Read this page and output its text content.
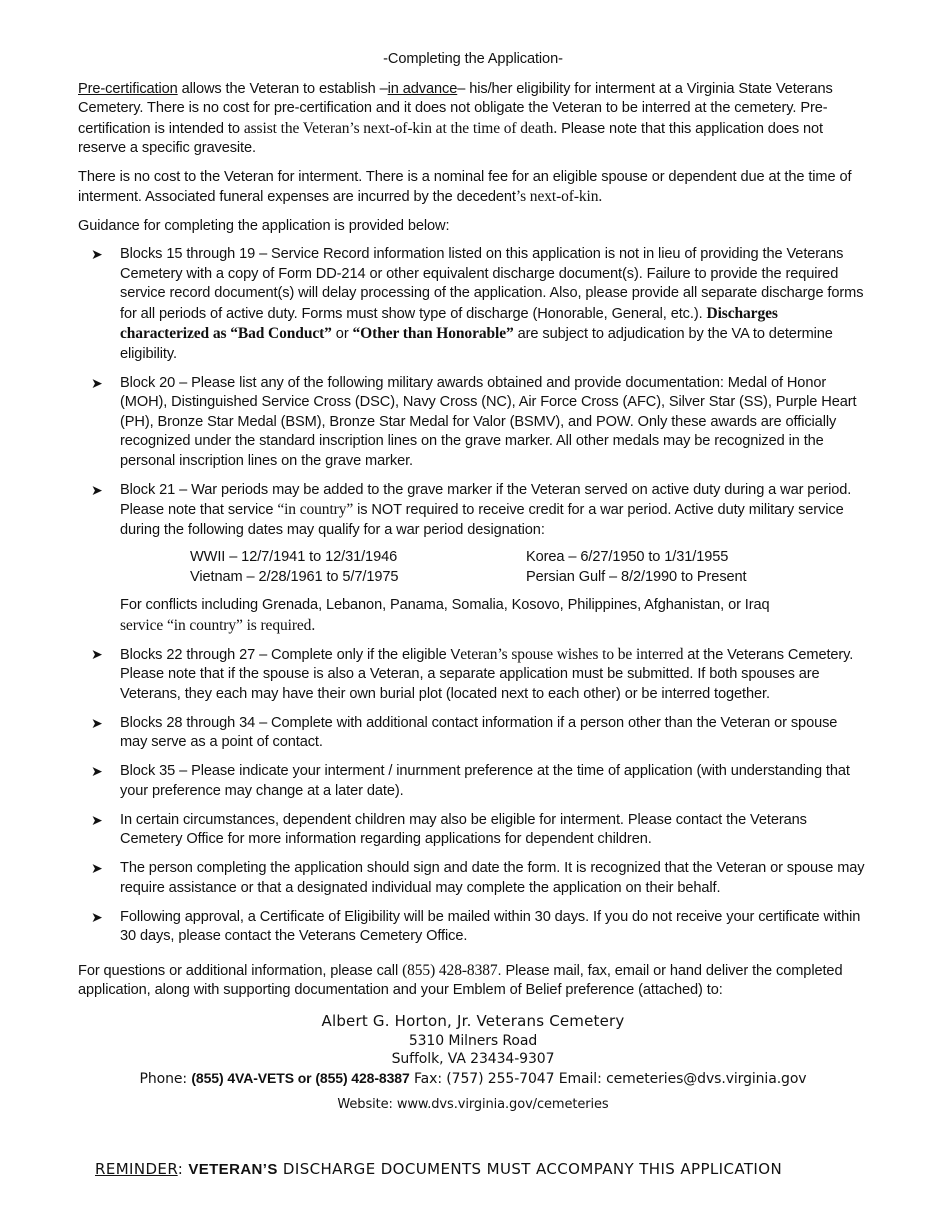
-Completing the Application-

Pre-certification allows the Veteran to establish –in advance– his/her eligibility for interment at a Virginia State Veterans Cemetery. There is no cost for pre-certification and it does not obligate the Veteran to be interred at the cemetery. Pre-certification is intended to assist the Veteran’s next-of-kin at the time of death. Please note that this application does not reserve a specific gravesite.

There is no cost to the Veteran for interment. There is a nominal fee for an eligible spouse or dependent due at the time of interment. Associated funeral expenses are incurred by the decedent’s next-of-kin.

Guidance for completing the application is provided below:

➤ Blocks 15 through 19 – Service Record information listed on this application is not in lieu of providing the Veterans Cemetery with a copy of Form DD-214 or other equivalent discharge document(s). Failure to provide the required service record document(s) will delay processing of the application. Also, please provide all separate discharge forms for all periods of active duty. Forms must show type of discharge (Honorable, General, etc.). Discharges characterized as “Bad Conduct” or “Other than Honorable” are subject to adjudication by the VA to determine eligibility.
➤ Block 20 – Please list any of the following military awards obtained and provide documentation: Medal of Honor (MOH), Distinguished Service Cross (DSC), Navy Cross (NC), Air Force Cross (AFC), Silver Star (SS), Purple Heart (PH), Bronze Star Medal (BSM), Bronze Star Medal for Valor (BSMV), and POW. Only these awards are officially recognized under the standard inscription lines on the grave marker. All other medals may be recognized in the personal inscription lines on the grave marker.
➤ Block 21 – War periods may be added to the grave marker if the Veteran served on active duty during a war period. Please note that service “in country” is NOT required to receive credit for a war period. Active duty military service during the following dates may qualify for a war period designation:
WWII – 12/7/1941 to 12/31/1946	Korea – 6/27/1950 to 1/31/1955
Vietnam – 2/28/1961 to 5/7/1975	Persian Gulf – 8/2/1990 to Present
For conflicts including Grenada, Lebanon, Panama, Somalia, Kosovo, Philippines, Afghanistan, or Iraq
service “in country” is required.
➤ Blocks 22 through 27 – Complete only if the eligible Veteran’s spouse wishes to be interred at the Veterans Cemetery. Please note that if the spouse is also a Veteran, a separate application must be submitted. If both spouses are Veterans, they each may have their own burial plot (located next to each other) or be interred together.
➤ Blocks 28 through 34 – Complete with additional contact information if a person other than the Veteran or spouse may serve as a point of contact.
➤ Block 35 – Please indicate your interment / inurnment preference at the time of application (with understanding that your preference may change at a later date).
➤ In certain circumstances, dependent children may also be eligible for interment. Please contact the Veterans Cemetery Office for more information regarding applications for dependent children.
➤ The person completing the application should sign and date the form. It is recognized that the Veteran or spouse may require assistance or that a designated individual may complete the application on their behalf.
➤ Following approval, a Certificate of Eligibility will be mailed within 30 days. If you do not receive your certificate within 30 days, please contact the Veterans Cemetery Office.

For questions or additional information, please call (855) 428-8387. Please mail, fax, email or hand deliver the completed application, along with supporting documentation and your Emblem of Belief preference (attached) to:

Albert G. Horton, Jr. Veterans Cemetery
5310 Milners Road
Suffolk, VA 23434-9307
Phone: (855) 4VA-VETS or (855) 428-8387 Fax: (757) 255-7047 Email: cemeteries@dvs.virginia.gov
Website: www.dvs.virginia.gov/cemeteries
REMINDER: VETERAN’S DISCHARGE DOCUMENTS MUST ACCOMPANY THIS APPLICATION
